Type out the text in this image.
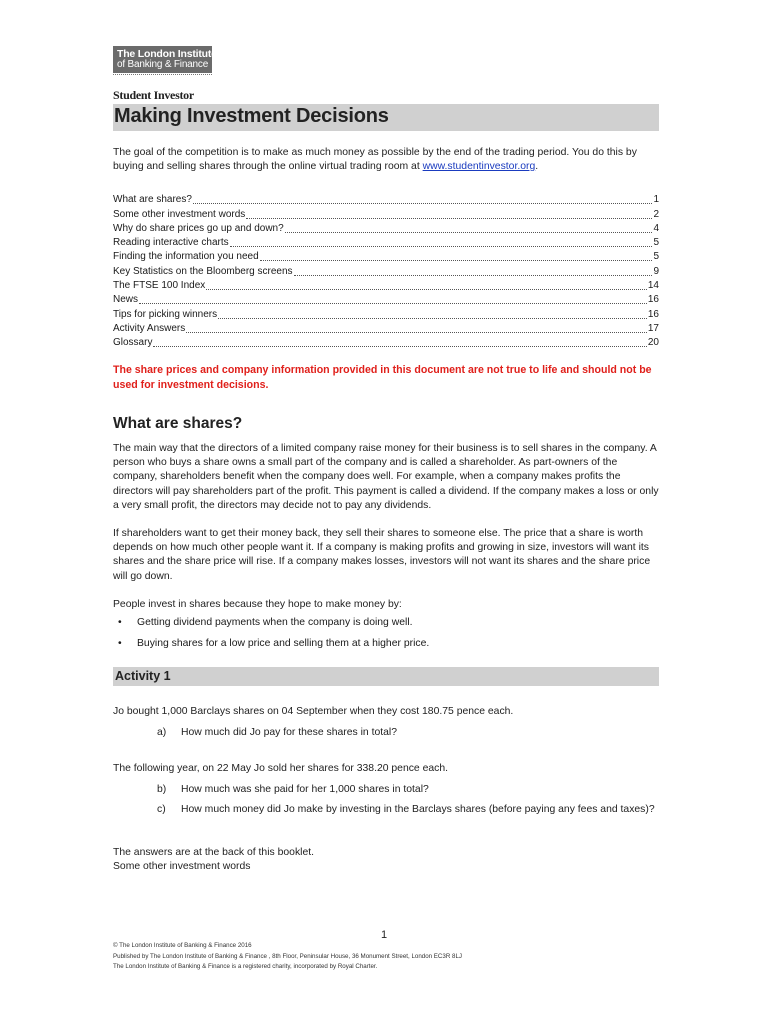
The London Institute
of Banking & Finance
Student Investor
Making Investment Decisions
The goal of the competition is to make as much money as possible by the end of the trading period. You do this by buying and selling shares through the online virtual trading room at www.studentinvestor.org.
What are shares?	1
Some other investment words	2
Why do share prices go up and down?	4
Reading interactive charts	5
Finding the information you need	5
Key Statistics on the Bloomberg screens	9
The FTSE 100 Index	14
News	16
Tips for picking winners	16
Activity Answers	17
Glossary	20
The share prices and company information provided in this document are not true to life and should not be used for investment decisions.
What are shares?
The main way that the directors of a limited company raise money for their business is to sell shares in the company. A person who buys a share owns a small part of the company and is called a shareholder. As part-owners of the company, shareholders benefit when the company does well. For example, when a company makes profits the directors will pay shareholders part of the profit. This payment is called a dividend. If the company makes a loss or only a very small profit, the directors may decide not to pay any dividends.
If shareholders want to get their money back, they sell their shares to someone else. The price that a share is worth depends on how much other people want it. If a company is making profits and growing in size, investors will want its shares and the share price will rise. If a company makes losses, investors will not want its shares and the share price will go down.
People invest in shares because they hope to make money by:
• Getting dividend payments when the company is doing well.
• Buying shares for a low price and selling them at a higher price.
Activity 1
Jo bought 1,000 Barclays shares on 04 September when they cost 180.75 pence each.
a) How much did Jo pay for these shares in total?
The following year, on 22 May Jo sold her shares for 338.20 pence each.
b) How much was she paid for her 1,000 shares in total?
c) How much money did Jo make by investing in the Barclays shares (before paying any fees and taxes)?
The answers are at the back of this booklet.
Some other investment words
1
© The London Institute of Banking & Finance 2016
Published by The London Institute of Banking & Finance , 8th Floor, Peninsular House, 36 Monument Street, London EC3R 8LJ
The London Institute of Banking & Finance is a registered charity, incorporated by Royal Charter.
